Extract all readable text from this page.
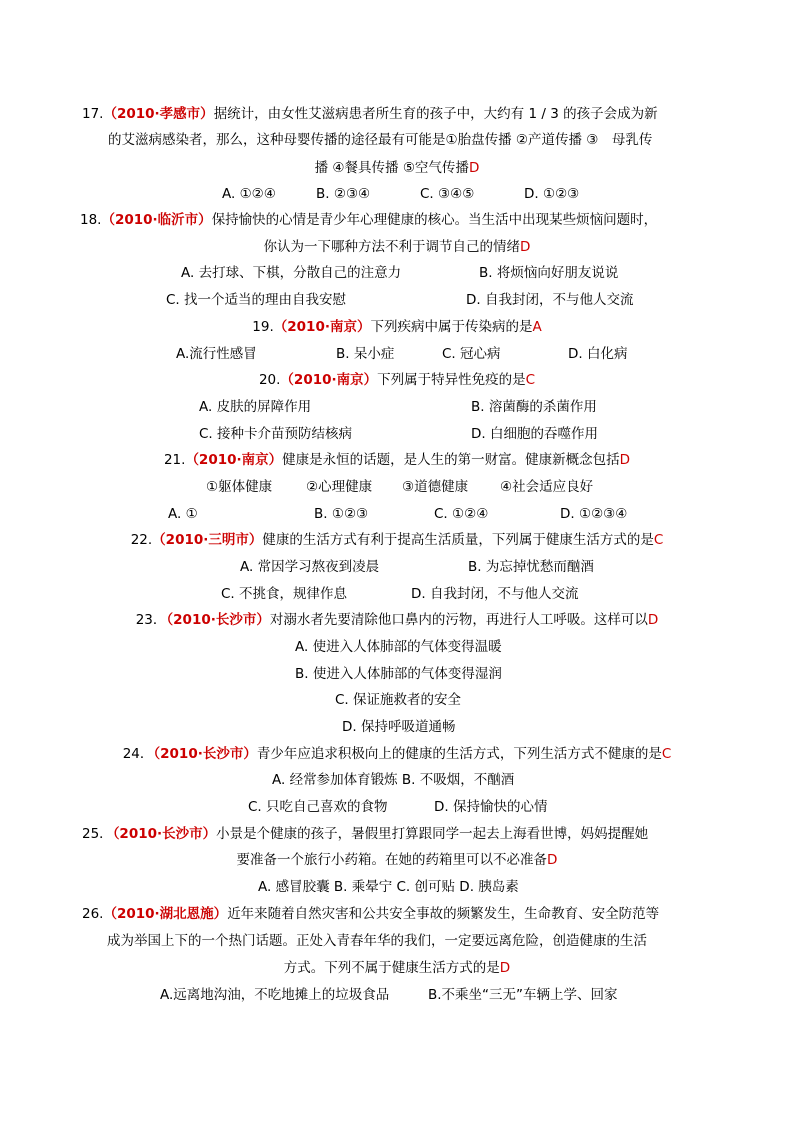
17.（2010·孝感市）据统计，由女性艾滋病患者所生育的孩子中，大约有 1 / 3 的孩子会成为新
的艾滋病感染者，那么，这种母婴传播的途径最有可能是①胎盘传播 ②产道传播 ③　母乳传
播 ④餐具传播 ⑤空气传播D
A. ①②④	B. ②③④	C. ③④⑤	D. ①②③
18.（2010·临沂市）保持愉快的心情是青少年心理健康的核心。当生活中出现某些烦恼问题时，
你认为一下哪种方法不利于调节自己的情绪D
A. 去打球、下棋，分散自己的注意力	B. 将烦恼向好朋友说说
C. 找一个适当的理由自我安慰	D. 自我封闭，不与他人交流
19.（2010·南京）下列疾病中属于传染病的是A
A.流行性感冒	B. 呆小症	C. 冠心病	D. 白化病
20.（2010·南京）下列属于特异性免疫的是C
A. 皮肤的屏障作用	B. 溶菌酶的杀菌作用
C. 接种卡介苗预防结核病	D. 白细胞的吞噬作用
21.（2010·南京）健康是永恒的话题，是人生的第一财富。健康新概念包括D
①躯体健康	②心理健康 ③道德健康 ④社会适应良好
A. ①	B. ①②③	C. ①②④	D. ①②③④
22.（2010·三明市）健康的生活方式有利于提高生活质量，下列属于健康生活方式的是C
A. 常因学习熬夜到凌晨	B. 为忘掉忧愁而酗酒
C. 不挑食，规律作息	D. 自我封闭，不与他人交流
23．（2010·长沙市）对溺水者先要清除他口鼻内的污物，再进行人工呼吸。这样可以D
A. 使进入人体肺部的气体变得温暖
B. 使进入人体肺部的气体变得湿润
C. 保证施救者的安全
D. 保持呼吸道通畅
24．（2010·长沙市）青少年应追求积极向上的健康的生活方式，下列生活方式不健康的是C
A. 经常参加体育锻炼 B. 不吸烟，不酗酒
C. 只吃自己喜欢的食物	D. 保持愉快的心情
25．（2010·长沙市）小景是个健康的孩子，暑假里打算跟同学一起去上海看世博，妈妈提醒她
要准备一个旅行小药箱。在她的药箱里可以不必准备D
A. 感冒胶囊 B. 乘晕宁 C. 创可贴 D. 胰岛素
26.（2010·湖北恩施）近年来随着自然灾害和公共安全事故的频繁发生，生命教育、安全防范等
成为举国上下的一个热门话题。正处入青春年华的我们，一定要远离危险，创造健康的生活
方式。下列不属于健康生活方式的是D
A.远离地沟油，不吃地摊上的垃圾食品	B.不乘坐“三无”车辆上学、回家
